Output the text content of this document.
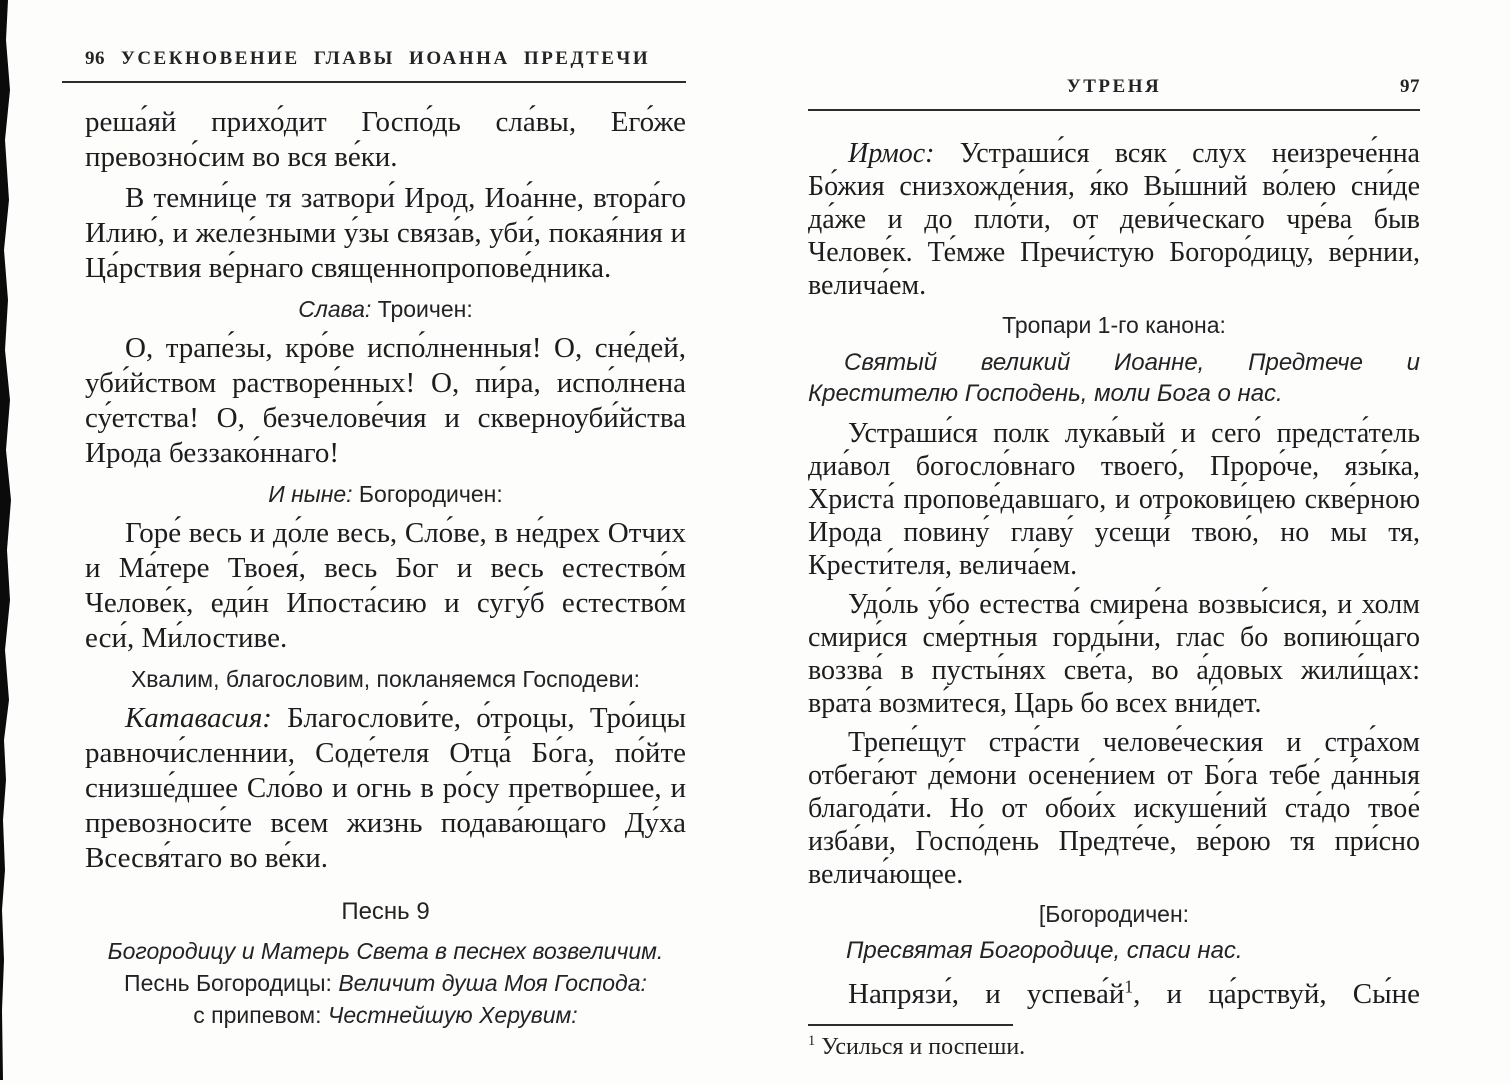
96 УСЕКНОВЕНИЕ ГЛАВЫ ИОАННА ПРЕДТЕЧИ

реша́яй прихо́дит Госпо́дь сла́вы, Его́же превозно́сим во вся ве́ки.

В темни́це тя затвори́ Ирод, Иоа́нне, втора́го Илию́, и желе́зными у́зы связа́в, уби́, покая́ния и Ца́рствия ве́рнаго священнопропове́дника.

Слава: Троичен:

О, трапе́зы, кро́ве испо́лненныя! О, сне́дей, уби́йством растворе́нных! О, пи́ра, испо́лнена су́етства! О, безчелове́чия и скверноуби́йства Ирода беззако́ннаго!

И ныне: Богородичен:

Горе́ весь и до́ле весь, Сло́ве, в не́дрех Отчих и Ма́тере Твоея́, весь Бог и весь естество́м Челове́к, еди́н Ипоста́сию и сугу́б естество́м еси́, Ми́лостиве.

Хвалим, благословим, покланяемся Господеви:

Катавасия: Благослови́те, о́троцы, Тро́ицы равночи́сленнии, Соде́теля Отца́ Бо́га, по́йте снизше́дшее Сло́во и огнь в ро́су претво́ршее, и превозноси́те всем жизнь подава́ющаго Ду́ха Всесвя́таго во ве́ки.

Песнь 9
Богородицу и Матерь Света в песнех возвеличим.
Песнь Богородицы: Величит душа Моя Господа:
с припевом: Честнейшую Херувим:
УТРЕНЯ	97

Ирмос: Устраши́ся всяк слух неизрече́нна Бо́жия снизхожде́ния, я́ко Вы́шний во́лею сни́де да́же и до пло́ти, от деви́ческаго чре́ва быв Челове́к. Те́мже Пречи́стую Богоро́дицу, ве́рнии, велича́ем.

Тропари 1-го канона:

Святый великий Иоанне, Предтече и Крестителю Господень, моли Бога о нас.

Устраши́ся полк лука́вый и сего́ предста́тель диа́вол богосло́внаго твоего́, Проро́че, язы́ка, Христа́ пропове́давшаго, и отрокови́цею скве́рною Ирода повину́ главу́ усещи́ твою́, но мы тя, Крести́теля, велича́ем.

Удо́ль у́бо естества́ смире́на возвы́сися, и холм смири́ся сме́ртныя горды́ни, глас бо вопию́щаго воззва́ в пусты́нях све́та, во а́довых жили́щах: врата́ возми́теся, Царь бо всех вни́дет.

Трепе́щут стра́сти челове́ческия и стра́хом отбега́ют де́мони осене́нием от Бо́га тебе́ да́нныя благода́ти. Но от обои́х искуше́ний ста́до твое́ изба́ви, Госпо́день Предте́че, ве́рою тя при́сно велича́ющее.

[Богородичен:
Пресвятая Богородице, спаси нас.

Напрязи́, и успева́й$^1$, и ца́рствуй, Сы́не

$^1$ Усилься и поспеши.
